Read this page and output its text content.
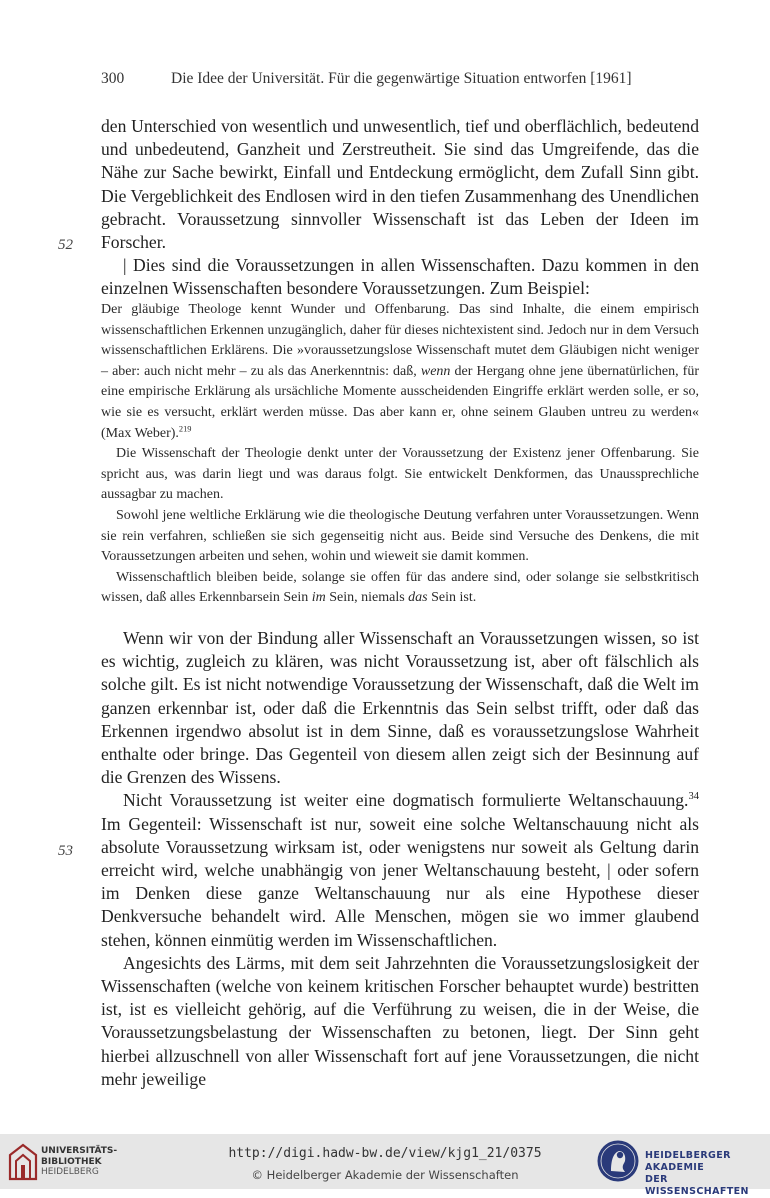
300	Die Idee der Universität. Für die gegenwärtige Situation entworfen [1961]

den Unterschied von wesentlich und unwesentlich, tief und oberflächlich, bedeutend und unbedeutend, Ganzheit und Zerstreutheit. Sie sind das Umgreifende, das die Nähe zur Sache bewirkt, Einfall und Entdeckung ermöglicht, dem Zufall Sinn gibt. Die Vergeblichkeit des Endlosen wird in den tiefen Zusammenhang des Unendlichen gebracht. Voraussetzung sinnvoller Wissenschaft ist das Leben der Ideen im Forscher.

| Dies sind die Voraussetzungen in allen Wissenschaften. Dazu kommen in den einzelnen Wissenschaften besondere Voraussetzungen. Zum Beispiel:

52

Der gläubige Theologe kennt Wunder und Offenbarung. Das sind Inhalte, die einem empirisch wissenschaftlichen Erkennen unzugänglich, daher für dieses nichtexistent sind. Jedoch nur in dem Versuch wissenschaftlichen Erklärens. Die »voraussetzungslose Wissenschaft mutet dem Gläubigen nicht weniger – aber: auch nicht mehr – zu als das Anerkenntnis: daß, wenn der Hergang ohne jene übernatürlichen, für eine empirische Erklärung als ursächliche Momente ausscheidenden Eingriffe erklärt werden solle, er so, wie sie es versucht, erklärt werden müsse. Das aber kann er, ohne seinem Glauben untreu zu werden« (Max Weber).$^{219}$

Die Wissenschaft der Theologie denkt unter der Voraussetzung der Existenz jener Offenbarung. Sie spricht aus, was darin liegt und was daraus folgt. Sie entwickelt Denkformen, das Unaussprechliche aussagbar zu machen.

Sowohl jene weltliche Erklärung wie die theologische Deutung verfahren unter Voraussetzungen. Wenn sie rein verfahren, schließen sie sich gegenseitig nicht aus. Beide sind Versuche des Denkens, die mit Voraussetzungen arbeiten und sehen, wohin und wieweit sie damit kommen.

Wissenschaftlich bleiben beide, solange sie offen für das andere sind, oder solange sie selbstkritisch wissen, daß alles Erkennbarsein Sein im Sein, niemals das Sein ist.

Wenn wir von der Bindung aller Wissenschaft an Voraussetzungen wissen, so ist es wichtig, zugleich zu klären, was nicht Voraussetzung ist, aber oft fälschlich als solche gilt. Es ist nicht notwendige Voraussetzung der Wissenschaft, daß die Welt im ganzen erkennbar ist, oder daß die Erkenntnis das Sein selbst trifft, oder daß das Erkennen irgendwo absolut ist in dem Sinne, daß es voraussetzungslose Wahrheit enthalte oder bringe. Das Gegenteil von diesem allen zeigt sich der Besinnung auf die Grenzen des Wissens.

Nicht Voraussetzung ist weiter eine dogmatisch formulierte Weltanschauung.$^{34}$ Im Gegenteil: Wissenschaft ist nur, soweit eine solche Weltanschauung nicht als absolute Voraussetzung wirksam ist, oder wenigstens nur soweit als Geltung darin erreicht wird, welche unabhängig von jener Weltanschauung besteht, | oder sofern im Denken diese ganze Weltanschauung nur als eine Hypothese dieser Denkversuche behandelt wird. Alle Menschen, mögen sie wo immer glaubend stehen, können einmütig werden im Wissenschaftlichen.

Angesichts des Lärms, mit dem seit Jahrzehnten die Voraussetzungslosigkeit der Wissenschaften (welche von keinem kritischen Forscher behauptet wurde) bestritten ist, ist es vielleicht gehörig, auf die Verführung zu weisen, die in der Weise, die Voraussetzungsbelastung der Wissenschaften zu betonen, liegt. Der Sinn geht hierbei allzuschnell von aller Wissenschaft fort auf jene Voraussetzungen, die nicht mehr jeweilige

53
UNIVERSITÄTS-
BIBLIOTHEK
HEIDELBERG
http://digi.hadw-bw.de/view/kjg1_21/0375
© Heidelberger Akademie der Wissenschaften
HEIDELBERGER AKADEMIE
DER WISSENSCHAFTEN
